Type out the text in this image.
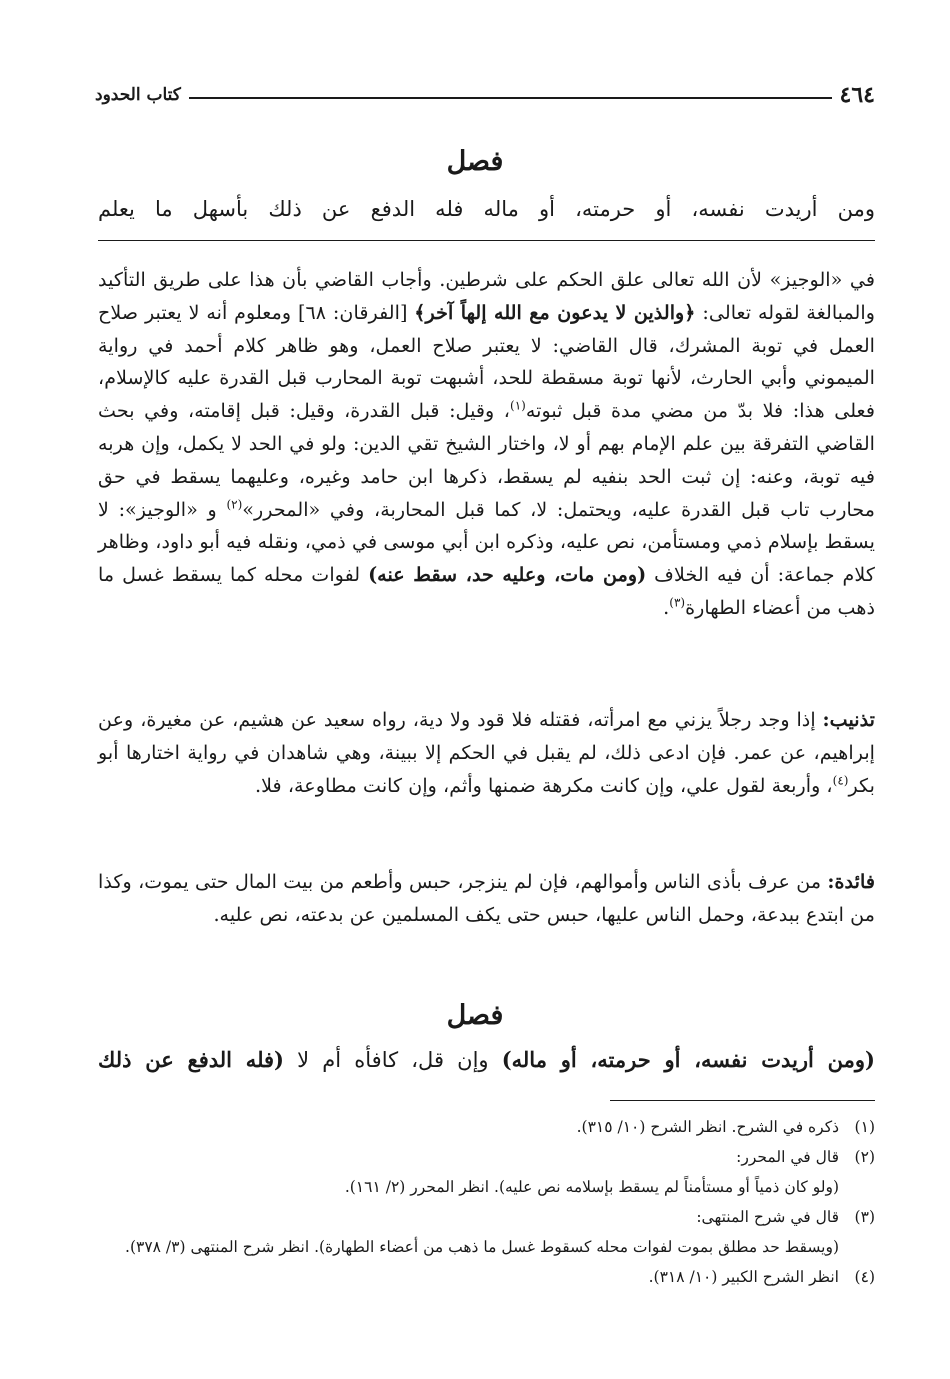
٤٦٤
كتاب الحدود
فصل
ومن أريدت نفسه، أو حرمته، أو ماله فله الدفع عن ذلك بأسهل ما يعلم

في «الوجيز» لأن الله تعالى علق الحكم على شرطين. وأجاب القاضي بأن هذا على طريق التأكيد والمبالغة لقوله تعالى: ﴿والذين لا يدعون مع الله إلهاً آخر﴾ [الفرقان: ٦٨] ومعلوم أنه لا يعتبر صلاح العمل في توبة المشرك، قال القاضي: لا يعتبر صلاح العمل، وهو ظاهر كلام أحمد في رواية الميموني وأبي الحارث، لأنها توبة مسقطة للحد، أشبهت توبة المحارب قبل القدرة عليه كالإسلام، فعلى هذا: فلا بدّ من مضي مدة قبل ثبوته$^{(١)}$، وقيل: قبل القدرة، وقيل: قبل إقامته، وفي بحث القاضي التفرقة بين علم الإمام بهم أو لا، واختار الشيخ تقي الدين: ولو في الحد لا يكمل، وإن هربه فيه توبة، وعنه: إن ثبت الحد بنفيه لم يسقط، ذكرها ابن حامد وغيره، وعليهما يسقط في حق محارب تاب قبل القدرة عليه، ويحتمل: لا، كما قبل المحاربة، وفي «المحرر»$^{(٢)}$ و «الوجيز»: لا يسقط بإسلام ذمي ومستأمن، نص عليه، وذكره ابن أبي موسى في ذمي، ونقله فيه أبو داود، وظاهر كلام جماعة: أن فيه الخلاف (ومن مات، وعليه حد، سقط عنه) لفوات محله كما يسقط غسل ما ذهب من أعضاء الطهارة$^{(٣)}$.

تذنيب: إذا وجد رجلاً يزني مع امرأته، فقتله فلا قود ولا دية، رواه سعيد عن هشيم، عن مغيرة، وعن إبراهيم، عن عمر. فإن ادعى ذلك، لم يقبل في الحكم إلا ببينة، وهي شاهدان في رواية اختارها أبو بكر$^{(٤)}$، وأربعة لقول علي، وإن كانت مكرهة ضمنها وأثم، وإن كانت مطاوعة، فلا.

فائدة: من عرف بأذى الناس وأموالهم، فإن لم ينزجر، حبس وأطعم من بيت المال حتى يموت، وكذا من ابتدع ببدعة، وحمل الناس عليها، حبس حتى يكف المسلمين عن بدعته، نص عليه.

فصل
(ومن أريدت نفسه، أو حرمته، أو ماله) وإن قل، كافأه أم لا (فله الدفع عن ذلك
(١)
ذكره في الشرح. انظر الشرح (١٠/ ٣١٥).
(٢)
قال في المحرر:
(ولو كان ذمياً أو مستأمناً لم يسقط بإسلامه نص عليه). انظر المحرر (٢/ ١٦١).
(٣)
قال في شرح المنتهى:
(ويسقط حد مطلق بموت لفوات محله كسقوط غسل ما ذهب من أعضاء الطهارة). انظر شرح المنتهى (٣/ ٣٧٨).
(٤)
انظر الشرح الكبير (١٠/ ٣١٨).
